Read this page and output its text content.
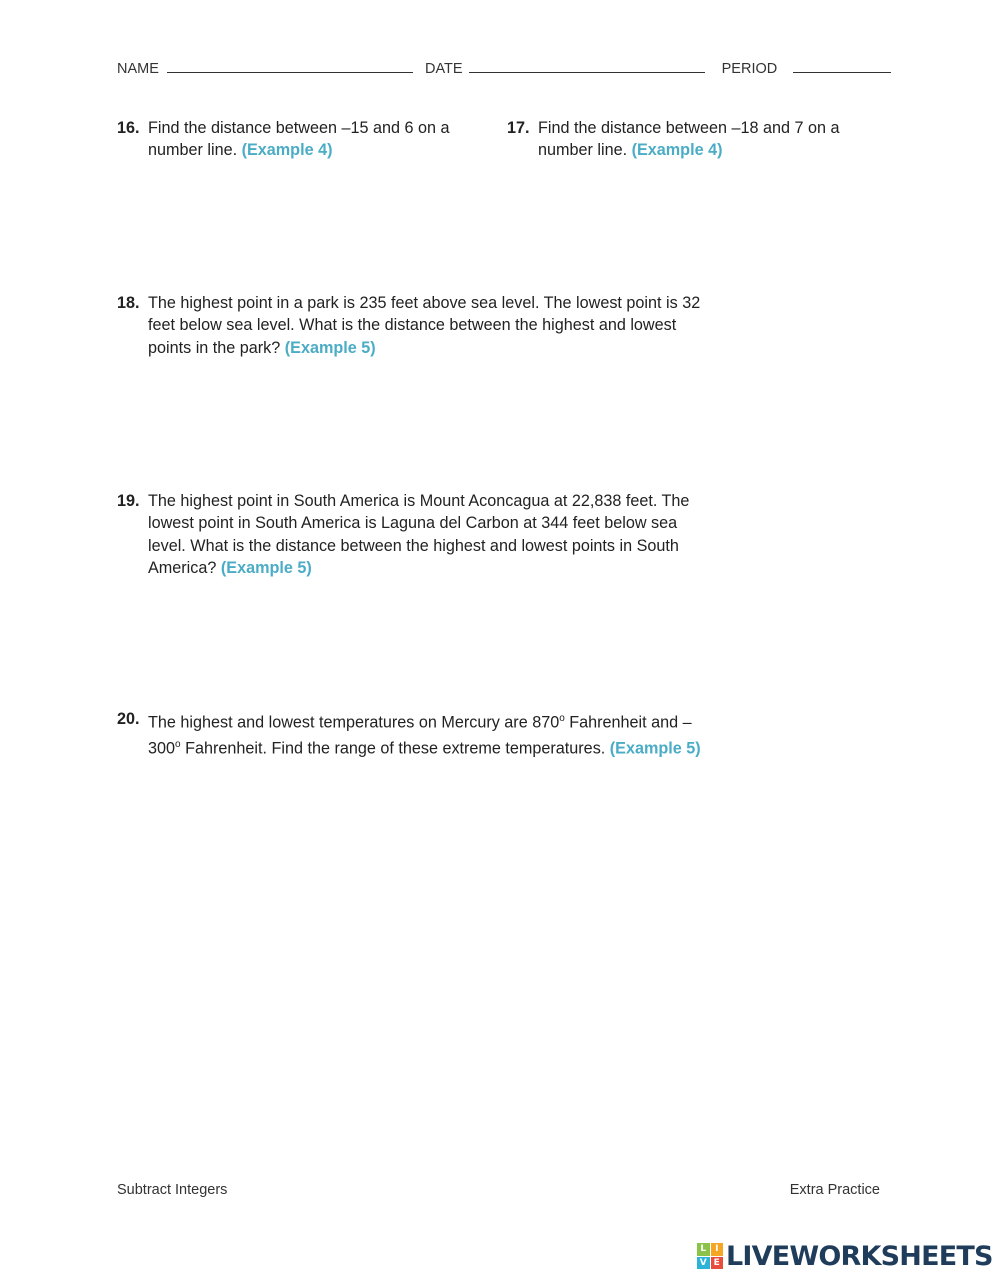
NAME	DATE	PERIOD
16. Find the distance between –15 and 6 on a number line. (Example 4)
17. Find the distance between –18 and 7 on a number line. (Example 4)
18. The highest point in a park is 235 feet above sea level. The lowest point is 32 feet below sea level. What is the distance between the highest and lowest points in the park? (Example 5)
19. The highest point in South America is Mount Aconcagua at 22,838 feet. The lowest point in South America is Laguna del Carbon at 344 feet below sea level. What is the distance between the highest and lowest points in South America? (Example 5)
20. The highest and lowest temperatures on Mercury are 870$^o$ Fahrenheit and – 300$^o$ Fahrenheit. Find the range of these extreme temperatures. (Example 5)
Subtract Integers	Extra Practice
L I
V E LIVEWORKSHEETS
